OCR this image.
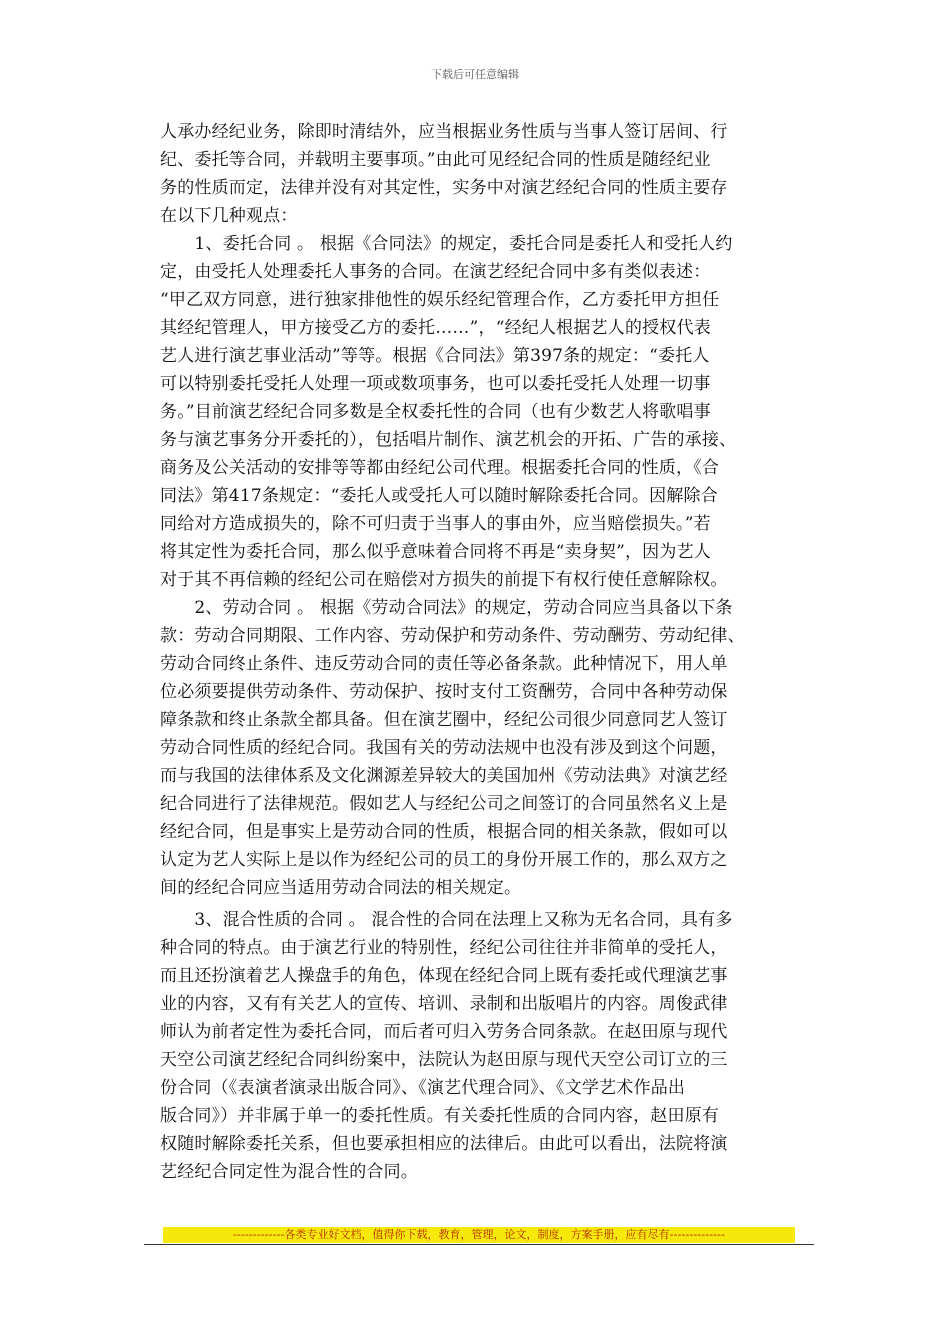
下载后可任意编辑
人承办经纪业务，除即时清结外，应当根据业务性质与当事人签订居间、行
纪、委托等合同，并载明主要事项。”由此可见经纪合同的性质是随经纪业
务的性质而定，法律并没有对其定性，实务中对演艺经纪合同的性质主要存
在以下几种观点：
　　1、委托合同 。 根据《合同法》的规定，委托合同是委托人和受托人约
定，由受托人处理委托人事务的合同。在演艺经纪合同中多有类似表述：
“甲乙双方同意，进行独家排他性的娱乐经纪管理合作，乙方委托甲方担任
其经纪管理人，甲方接受乙方的委托……”，“经纪人根据艺人的授权代表
艺人进行演艺事业活动”等等。根据《合同法》第397条的规定：“委托人
可以特别委托受托人处理一项或数项事务，也可以委托受托人处理一切事
务。”目前演艺经纪合同多数是全权委托性的合同（也有少数艺人将歌唱事
务与演艺事务分开委托的），包括唱片制作、演艺机会的开拓、广告的承接、
商务及公关活动的安排等等都由经纪公司代理。根据委托合同的性质，《合
同法》第417条规定：“委托人或受托人可以随时解除委托合同。因解除合
同给对方造成损失的，除不可归责于当事人的事由外，应当赔偿损失。”若
将其定性为委托合同，那么似乎意味着合同将不再是“卖身契”，因为艺人
对于其不再信赖的经纪公司在赔偿对方损失的前提下有权行使任意解除权。
　　2、劳动合同 。 根据《劳动合同法》的规定，劳动合同应当具备以下条
款：劳动合同期限、工作内容、劳动保护和劳动条件、劳动酬劳、劳动纪律、
劳动合同终止条件、违反劳动合同的责任等必备条款。此种情况下，用人单
位必须要提供劳动条件、劳动保护、按时支付工资酬劳，合同中各种劳动保
障条款和终止条款全都具备。但在演艺圈中，经纪公司很少同意同艺人签订
劳动合同性质的经纪合同。我国有关的劳动法规中也没有涉及到这个问题，
而与我国的法律体系及文化渊源差异较大的美国加州《劳动法典》对演艺经
纪合同进行了法律规范。假如艺人与经纪公司之间签订的合同虽然名义上是
经纪合同，但是事实上是劳动合同的性质，根据合同的相关条款，假如可以
认定为艺人实际上是以作为经纪公司的员工的身份开展工作的，那么双方之
间的经纪合同应当适用劳动合同法的相关规定。
　　3、混合性质的合同 。 混合性的合同在法理上又称为无名合同，具有多
种合同的特点。由于演艺行业的特别性，经纪公司往往并非简单的受托人，
而且还扮演着艺人操盘手的角色，体现在经纪合同上既有委托或代理演艺事
业的内容，又有有关艺人的宣传、培训、录制和出版唱片的内容。周俊武律
师认为前者定性为委托合同，而后者可归入劳务合同条款。在赵田原与现代
天空公司演艺经纪合同纠纷案中，法院认为赵田原与现代天空公司订立的三
份合同（《表演者演录出版合同》、《演艺代理合同》、《文学艺术作品出
版合同》）并非属于单一的委托性质。有关委托性质的合同内容，赵田原有
权随时解除委托关系，但也要承担相应的法律后。由此可以看出，法院将演
艺经纪合同定性为混合性的合同。
-------------各类专业好文档，值得你下载，教育，管理，论文，制度，方案手册，应有尽有--------------
